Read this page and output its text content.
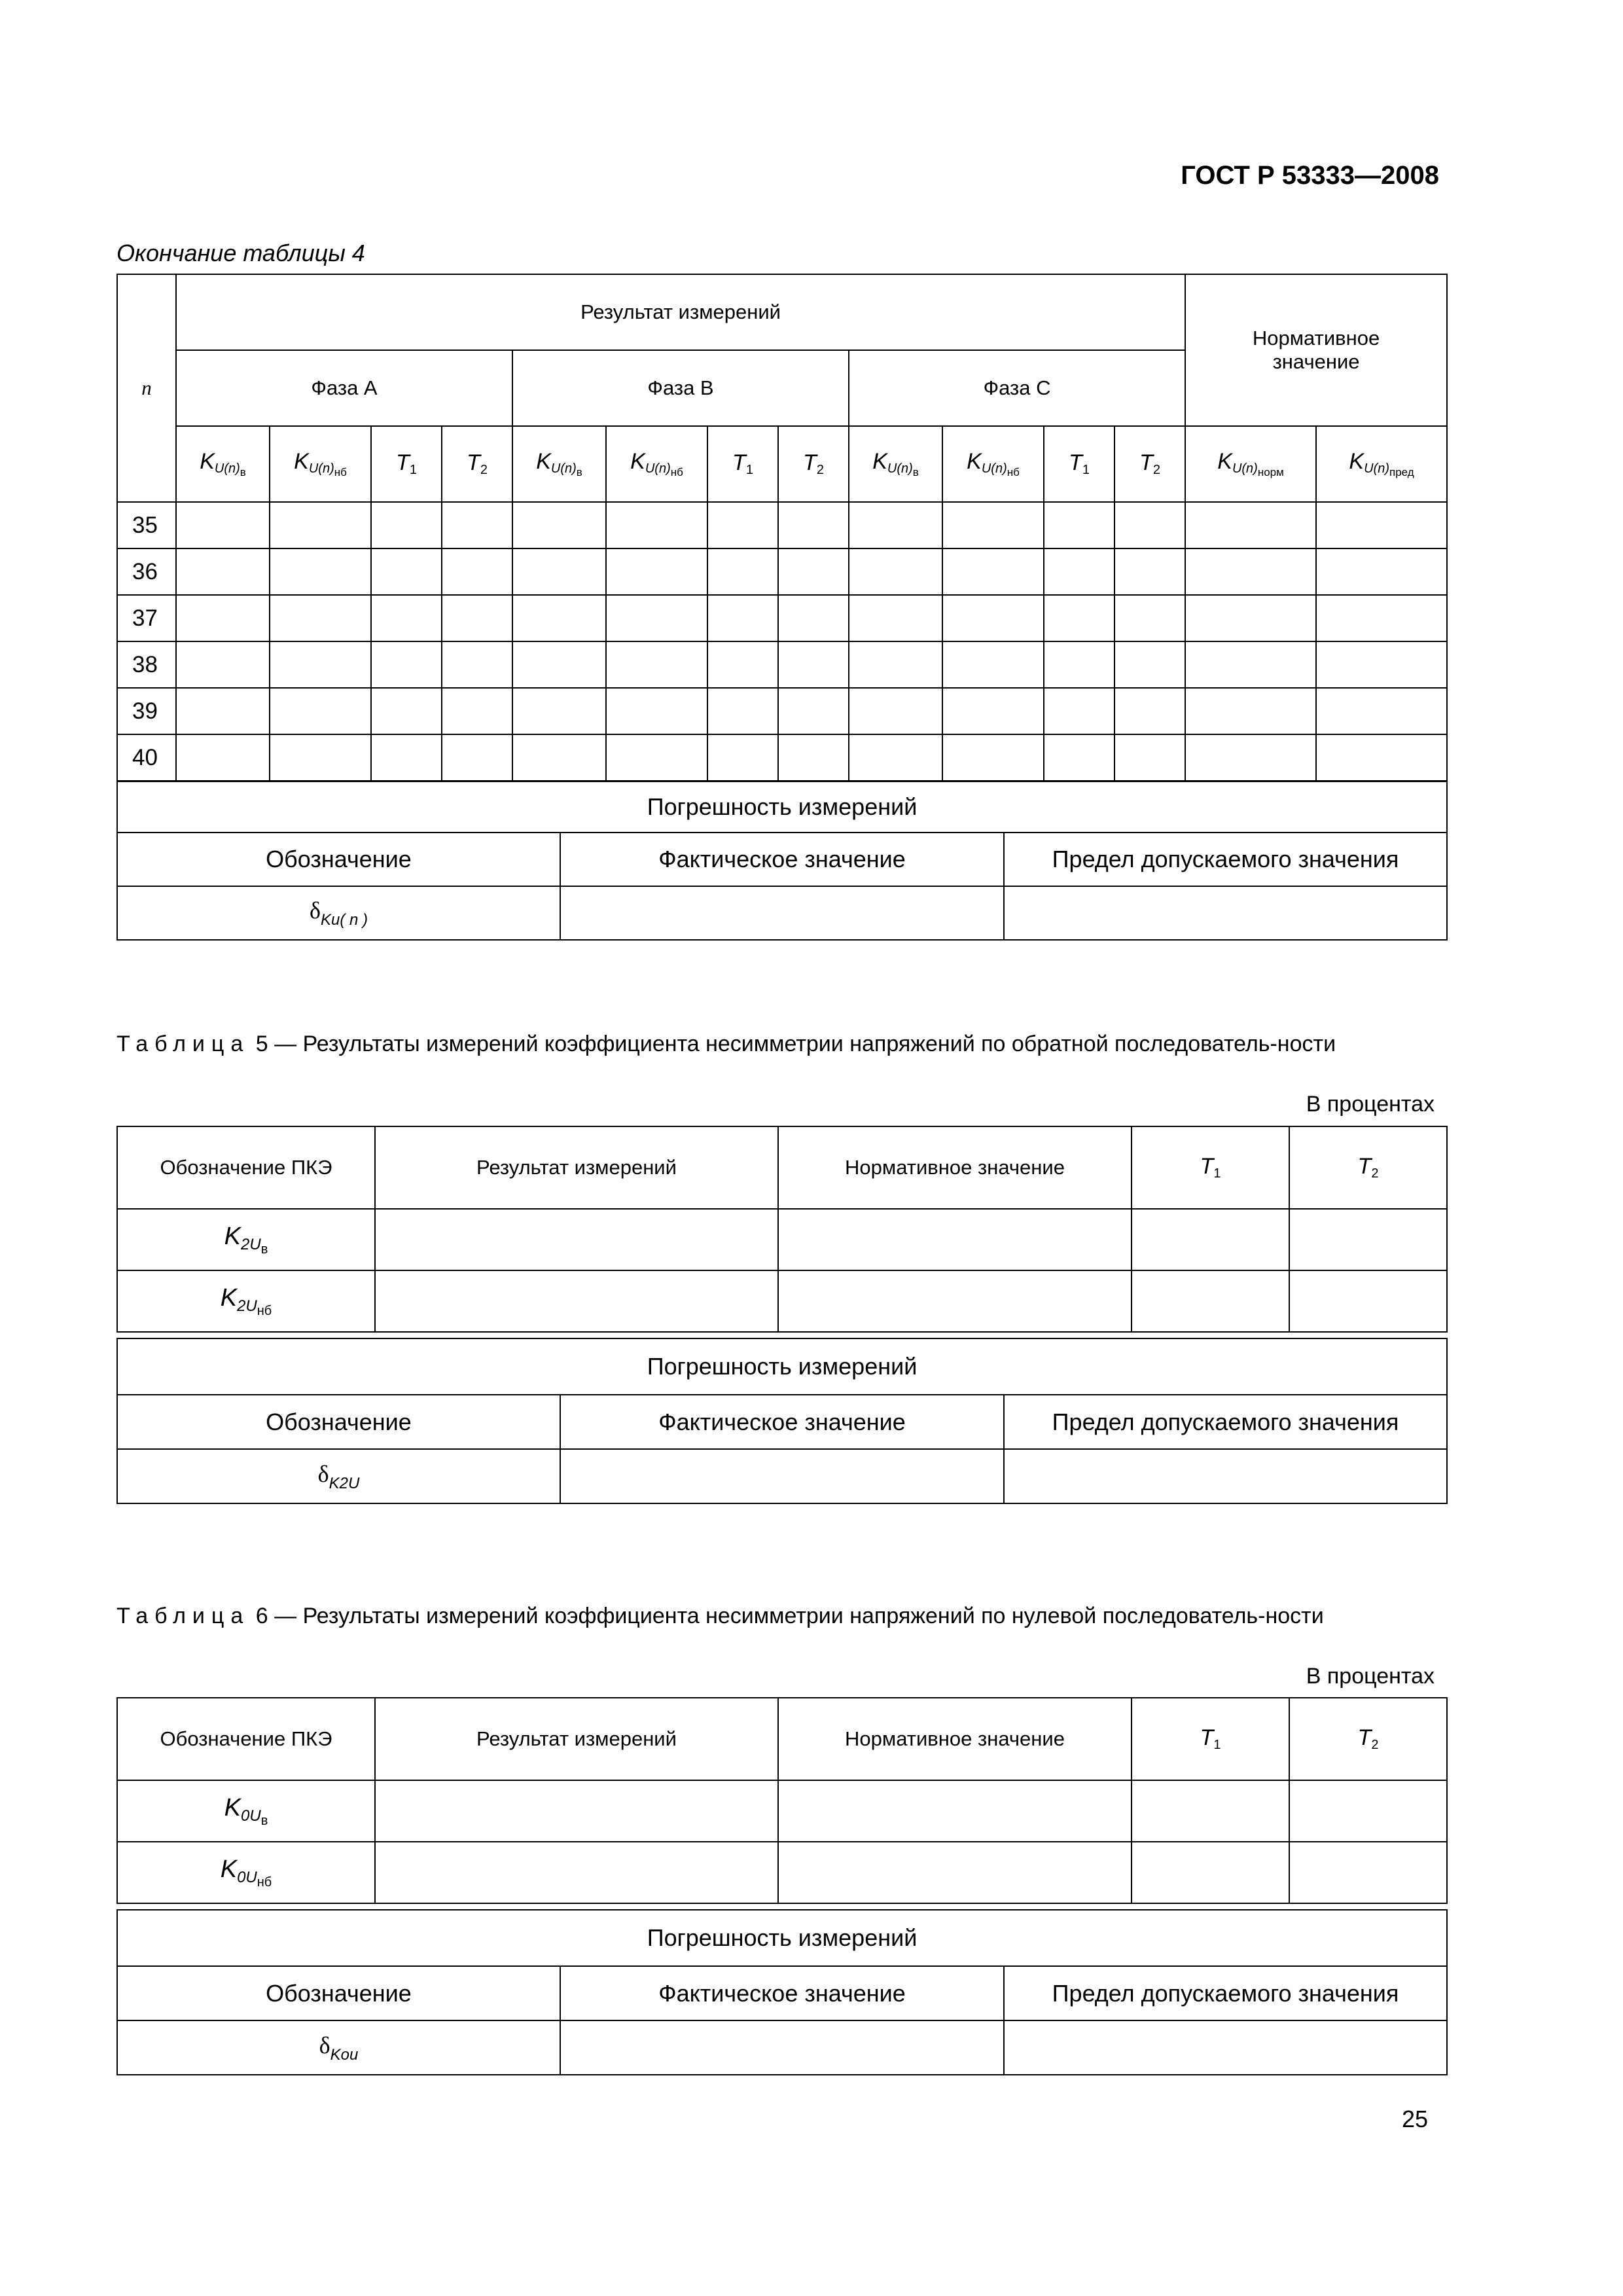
ГОСТ Р 53333—2008
Окончание таблицы 4
n	Результат измерений												Нормативное значение	
	Фаза A				Фаза B				Фаза C					
	$K_{U(n)_в}$	$K_{U(n)_{нб}}$	$T_1$	$T_2$	$K_{U(n)_в}$	$K_{U(n)_{нб}}$	$T_1$	$T_2$	$K_{U(n)_в}$	$K_{U(n)_{нб}}$	$T_1$	$T_2$	$K_{U(n)_{норм}}$	$K_{U(n)_{пред}}$
35														
36														
37														
38														
39														
40														
Погрешность измерений		
Обозначение	Фактическое значение	Предел допускаемого значения
$\delta_{Ku( n )}$		
Таблица 5 — Результаты измерений коэффициента несимметрии напряжений по обратной последователь-ности
В процентах
Обозначение ПКЭ	Результат измерений	Нормативное значение	$T_1$	$T_2$
$K_{2U_в}$				
$K_{2U_{нб}}$				
Погрешность измерений		
Обозначение	Фактическое значение	Предел допускаемого значения
$\delta_{K2U}$		
Таблица 6 — Результаты измерений коэффициента несимметрии напряжений по нулевой последователь-ности
В процентах
Обозначение ПКЭ	Результат измерений	Нормативное значение	$T_1$	$T_2$
$K_{0U_в}$				
$K_{0U_{нб}}$				
Погрешность измерений		
Обозначение	Фактическое значение	Предел допускаемого значения
$\delta_{Kou}$		
25
